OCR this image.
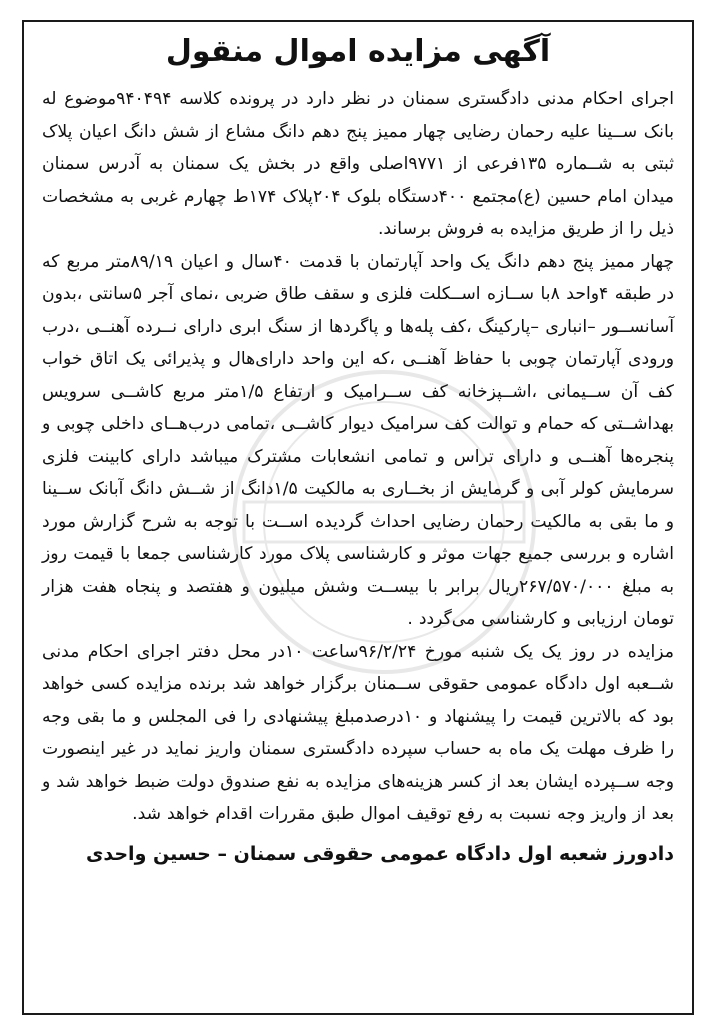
آگهی مزایده اموال منقول

اجرای احکام مدنی دادگستری سمنان در نظر دارد در پرونده کلاسه ۹۴۰۴۹۴موضوع له بانک ســینا علیه رحمان رضایی چهار ممیز پنج دهم دانگ مشاع از شش دانگ اعیان پلاک ثبتی به شــماره ۱۳۵فرعی از ۹۷۷۱اصلی واقع در بخش یک سمنان به آدرس سمنان میدان امام حسین (ع)مجتمع ۴۰۰دستگاه بلوک ۲۰۴پلاک ۱۷۴ط چهارم غربی به مشخصات ذیل را از طریق مزایده به فروش برساند.

چهار ممیز پنج دهم دانگ یک واحد آپارتمان با قدمت ۴۰سال و اعیان ۸۹/۱۹متر مربع که در طبقه ۴واحد ۸با ســازه اســکلت فلزی و سقف طاق ضربی ،نمای آجر ۵سانتی ،بدون آسانســور –انباری –پارکینگ ،کف پله‌ها و پاگردها از سنگ ابری دارای نــرده آهنــی ،درب ورودی آپارتمان چوبی با حفاظ آهنــی ،که این واحد دارای‌هال و پذیرائی یک اتاق خواب کف آن ســیمانی ،اشــپزخانه کف ســرامیک و ارتفاع ۱/۵متر مربع کاشــی سرویس بهداشــتی که حمام و توالت کف سرامیک دیوار کاشــی ،تمامی درب‌هــای داخلی چوبی و پنجره‌ها آهنــی و دارای تراس و تمامی انشعابات مشترک میباشد دارای کابینت فلزی سرمایش کولر آبی و گرمایش از بخــاری به مالکیت ۱/۵دانگ از شــش دانگ آبانک ســینا و ما بقی به مالکیت رحمان رضایی احداث گردیده اســت با توجه به شرح گزارش مورد اشاره و بررسی جمیع جهات موثر و کارشناسی پلاک مورد کارشناسی جمعا با قیمت روز به مبلغ ۲۶۷/۵۷۰/۰۰۰ریال برابر با بیســت وشش میلیون و هفتصد و پنجاه هفت هزار تومان ارزیابی و کارشناسی می‌گردد .

مزایده در روز یک یک شنبه مورخ ۹۶/۲/۲۴ساعت ۱۰در محل دفتر اجرای احکام مدنی شــعبه اول دادگاه عمومی حقوقی ســمنان برگزار خواهد شد برنده مزایده کسی خواهد بود که بالاترین قیمت را پیشنهاد و ۱۰درصدمبلغ پیشنهادی را فی المجلس و ما بقی وجه را ظرف مهلت یک ماه به حساب سپرده دادگستری سمنان واریز نماید در غیر اینصورت وجه ســپرده ایشان بعد از کسر هزینه‌های مزایده به نفع صندوق دولت ضبط خواهد شد و بعد از واریز وجه نسبت به رفع توقیف اموال طبق مقررات اقدام خواهد شد.

دادورز شعبه اول دادگاه عمومی حقوقی سمنان – حسین واحدی
